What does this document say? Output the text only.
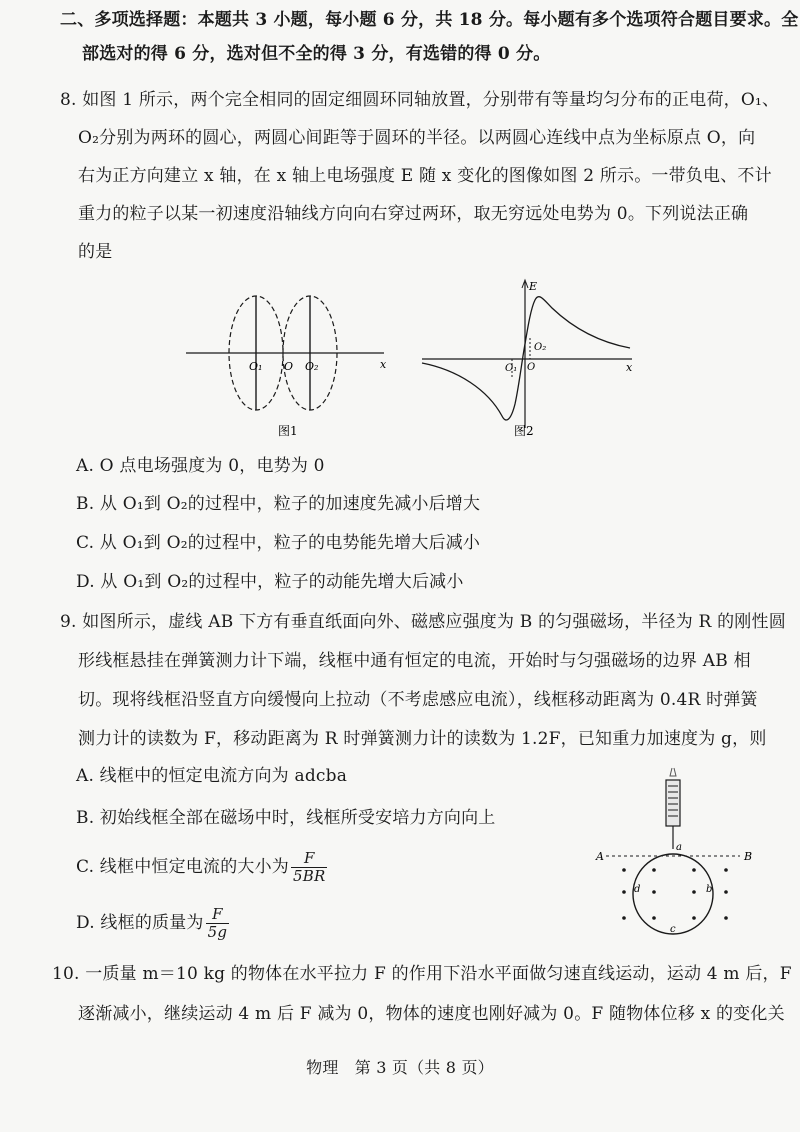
二、多项选择题：本题共 3 小题，每小题 6 分，共 18 分。每小题有多个选项符合题目要求。全
部选对的得 6 分，选对但不全的得 3 分，有选错的得 0 分。
8. 如图 1 所示，两个完全相同的固定细圆环同轴放置，分别带有等量均匀分布的正电荷，O₁、
O₂分别为两环的圆心，两圆心间距等于圆环的半径。以两圆心连线中点为坐标原点 O，向
右为正方向建立 x 轴，在 x 轴上电场强度 E 随 x 变化的图像如图 2 所示。一带负电、不计
重力的粒子以某一初速度沿轴线方向向右穿过两环，取无穷远处电势为 0。下列说法正确
的是
O₁ O O₂	x
图1
E
O₁ O
O₂
x
图2
A. O 点电场强度为 0，电势为 0
B. 从 O₁到 O₂的过程中，粒子的加速度先减小后增大
C. 从 O₁到 O₂的过程中，粒子的电势能先增大后减小
D. 从 O₁到 O₂的过程中，粒子的动能先增大后减小
9. 如图所示，虚线 AB 下方有垂直纸面向外、磁感应强度为 B 的匀强磁场，半径为 R 的刚性圆
形线框悬挂在弹簧测力计下端，线框中通有恒定的电流，开始时与匀强磁场的边界 AB 相
切。现将线框沿竖直方向缓慢向上拉动（不考虑感应电流），线框移动距离为 0.4R 时弹簧
测力计的读数为 F，移动距离为 R 时弹簧测力计的读数为 1.2F，已知重力加速度为 g，则
A. 线框中的恒定电流方向为 adcba
B. 初始线框全部在磁场中时，线框所受安培力方向向上
C. 线框中恒定电流的大小为 $\frac{F}{5BR}$
D. 线框的质量为 $\frac{F}{5g}$
A	B
a
b
c
d
10. 一质量 m＝10 kg 的物体在水平拉力 F 的作用下沿水平面做匀速直线运动，运动 4 m 后，F
逐渐减小，继续运动 4 m 后 F 减为 0，物体的速度也刚好减为 0。F 随物体位移 x 的变化关
物理　第 3 页（共 8 页）
